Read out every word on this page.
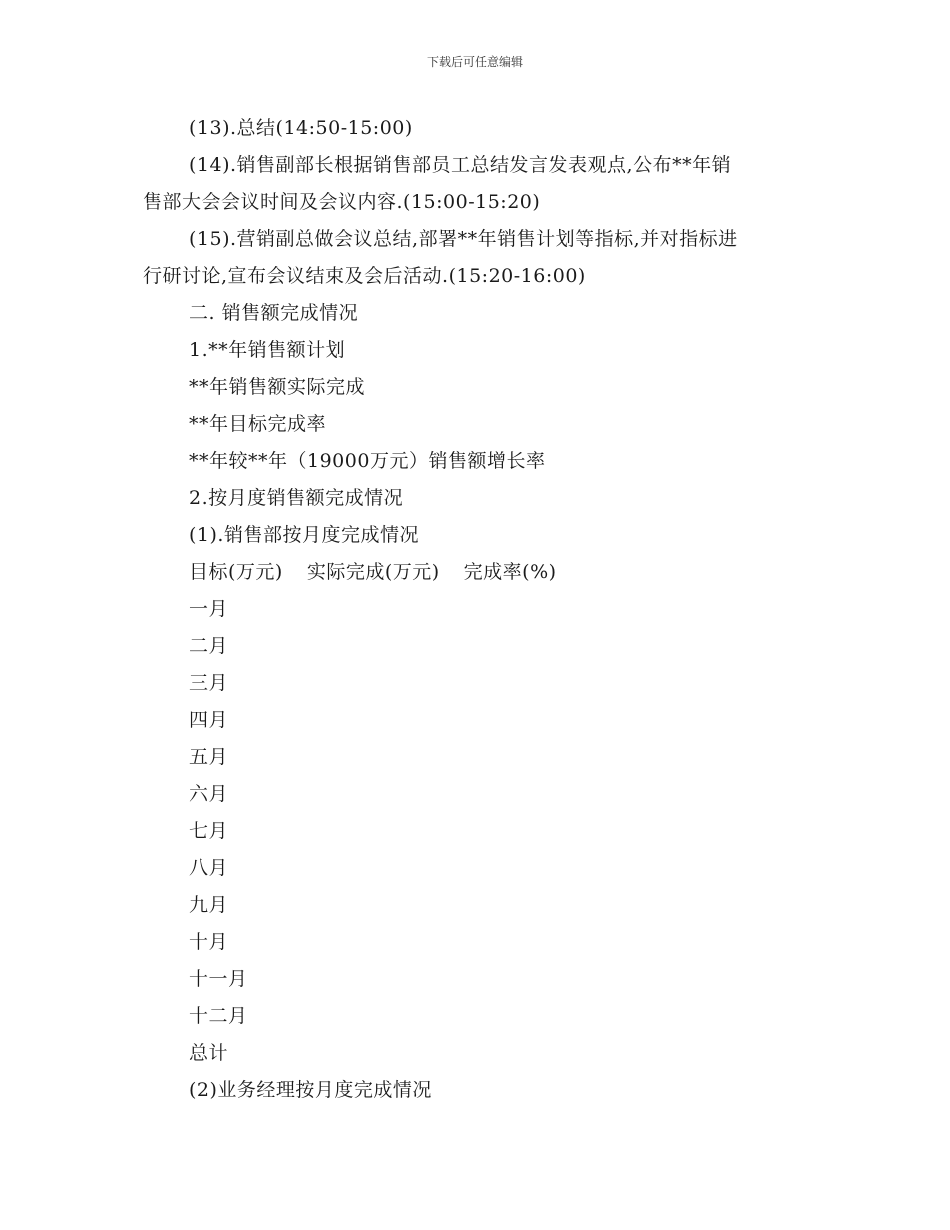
下载后可任意编辑
(13).总结(14:50-15:00)
(14).销售副部长根据销售部员工总结发言发表观点,公布**年销
售部大会会议时间及会议内容.(15:00-15:20)
(15).营销副总做会议总结,部署**年销售计划等指标,并对指标进
行研讨论,宣布会议结束及会后活动.(15:20-16:00)
二. 销售额完成情况
1.**年销售额计划
**年销售额实际完成
**年目标完成率
**年较**年（19000万元）销售额增长率
2.按月度销售额完成情况
(1).销售部按月度完成情况
目标(万元) 实际完成(万元) 完成率(%)
一月
二月
三月
四月
五月
六月
七月
八月
九月
十月
十一月
十二月
总计
(2)业务经理按月度完成情况
